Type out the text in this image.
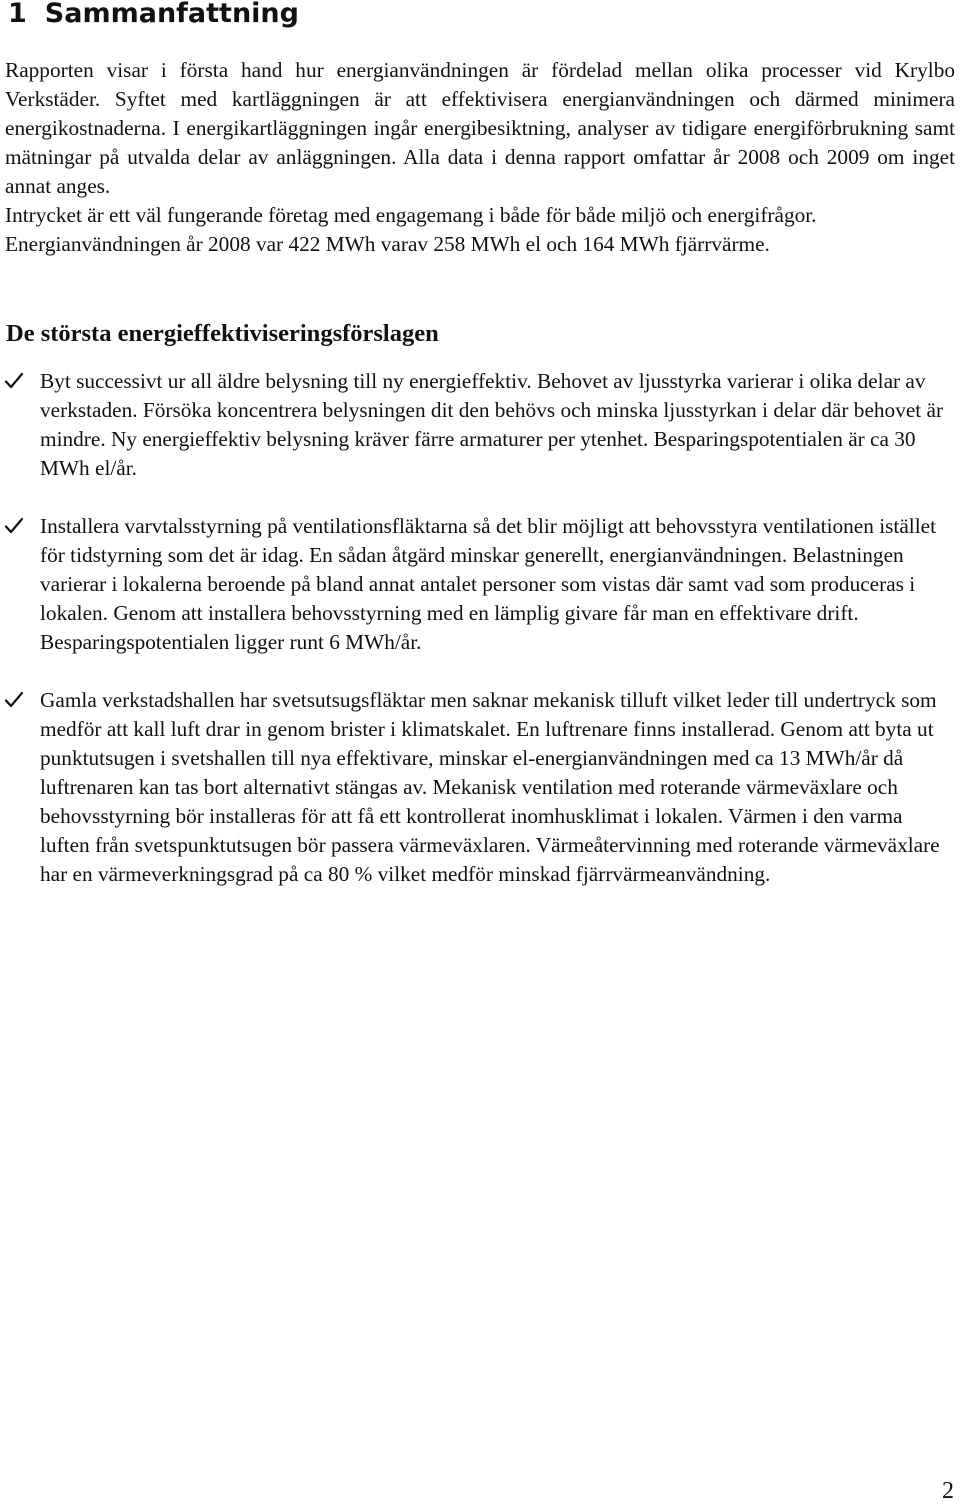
1 Sammanfattning

Rapporten visar i första hand hur energianvändningen är fördelad mellan olika processer vid Krylbo Verkstäder. Syftet med kartläggningen är att effektivisera energianvändningen och därmed minimera energikostnaderna. I energikartläggningen ingår energibesiktning, analyser av tidigare energiförbrukning samt mätningar på utvalda delar av anläggningen. Alla data i denna rapport omfattar år 2008 och 2009 om inget annat anges.

Intrycket är ett väl fungerande företag med engagemang i både för både miljö och energifrågor.

Energianvändningen år 2008 var 422 MWh varav 258 MWh el och 164 MWh fjärrvärme.

De största energieffektiviseringsförslagen
Byt successivt ur all äldre belysning till ny energieffektiv. Behovet av ljusstyrka varierar i olika delar av verkstaden. Försöka koncentrera belysningen dit den behövs och minska ljusstyrkan i delar där behovet är mindre. Ny energieffektiv belysning kräver färre armaturer per ytenhet. Besparingspotentialen är ca 30 MWh el/år.
Installera varvtalsstyrning på ventilationsfläktarna så det blir möjligt att behovsstyra ventilationen istället för tidstyrning som det är idag. En sådan åtgärd minskar generellt, energianvändningen. Belastningen varierar i lokalerna beroende på bland annat antalet personer som vistas där samt vad som produceras i lokalen. Genom att installera behovsstyrning med en lämplig givare får man en effektivare drift. Besparingspotentialen ligger runt 6 MWh/år.
Gamla verkstadshallen har svetsutsugsfläktar men saknar mekanisk tilluft vilket leder till undertryck som medför att kall luft drar in genom brister i klimatskalet. En luftrenare finns installerad. Genom att byta ut punktutsugen i svetshallen till nya effektivare, minskar el-energianvändningen med ca 13 MWh/år då luftrenaren kan tas bort alternativt stängas av. Mekanisk ventilation med roterande värmeväxlare och behovsstyrning bör installeras för att få ett kontrollerat inomhusklimat i lokalen. Värmen i den varma luften från svetspunktutsugen bör passera värmeväxlaren. Värmeåtervinning med roterande värmeväxlare har en värmeverkningsgrad på ca 80 % vilket medför minskad fjärrvärmeanvändning.
2
